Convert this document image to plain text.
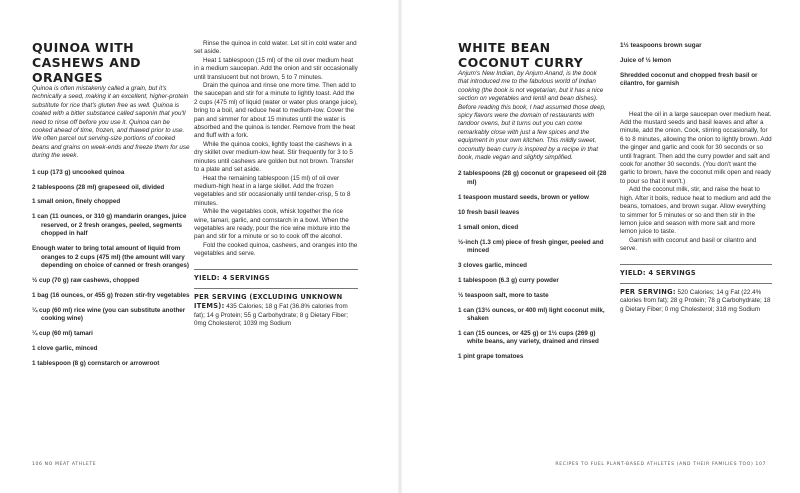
QUINOA WITH CASHEWS AND ORANGES

Quinoa is often mistakenly called a grain, but it's technically a seed, making it an excellent, higher-protein substitute for rice that's gluten free as well. Quinoa is coated with a bitter substance called saponin that you'll need to rinse off before you use it. Quinoa can be cooked ahead of time, frozen, and thawed prior to use. We often parcel out serving-size portions of cooked beans and grains on week-ends and freeze them for use during the week.

1 cup (173 g) uncooked quinoa

2 tablespoons (28 ml) grapeseed oil, divided

1 small onion, finely chopped

1 can (11 ounces, or 310 g) mandarin oranges, juice reserved, or 2 fresh oranges, peeled, segments chopped in half

Enough water to bring total amount of liquid from oranges to 2 cups (475 ml) (the amount will vary depending on choice of canned or fresh oranges)

½ cup (70 g) raw cashews, chopped

1 bag (16 ounces, or 455 g) frozen stir-fry vegetables

¼ cup (60 ml) rice wine (you can substitute another cooking wine)

¼ cup (60 ml) tamari

1 clove garlic, minced

1 tablespoon (8 g) cornstarch or arrowroot

Rinse the quinoa in cold water. Let sit in cold water and set aside.

Heat 1 tablespoon (15 ml) of the oil over medium heat in a medium saucepan. Add the onion and stir occasionally until translucent but not brown, 5 to 7 minutes.

Drain the quinoa and rinse one more time. Then add to the saucepan and stir for a minute to lightly toast. Add the 2 cups (475 ml) of liquid (water or water plus orange juice), bring to a boil, and reduce heat to medium-low. Cover the pan and simmer for about 15 minutes until the water is absorbed and the quinoa is tender. Remove from the heat and fluff with a fork.

While the quinoa cooks, lightly toast the cashews in a dry skillet over medium-low heat. Stir frequently for 3 to 5 minutes until cashews are golden but not brown. Transfer to a plate and set aside.

Heat the remaining tablespoon (15 ml) of oil over medium-high heat in a large skillet. Add the frozen vegetables and stir occasionally until tender-crisp, 5 to 8 minutes.

While the vegetables cook, whisk together the rice wine, tamari, garlic, and cornstarch in a bowl. When the vegetables are ready, pour the rice wine mixture into the pan and stir for a minute or so to cook off the alcohol.

Fold the cooked quinoa, cashews, and oranges into the vegetables and serve.

YIELD: 4 SERVINGS

PER SERVING (EXCLUDING UNKNOWN ITEMS): 435 Calories; 18 g Fat (36.8% calories from fat); 14 g Protein; 55 g Carbohydrate; 8 g Dietary Fiber; 0mg Cholesterol; 1039 mg Sodium

106 NO MEAT ATHLETE

WHITE BEAN COCONUT CURRY

Anjum's New Indian, by Anjum Anand, is the book that introduced me to the fabulous world of Indian cooking (the book is not vegetarian, but it has a nice section on vegetables and lentil and bean dishes). Before reading this book, I had assumed those deep, spicy flavors were the domain of restaurants with tandoor ovens, but it turns out you can come remarkably close with just a few spices and the equipment in your own kitchen. This mildly sweet, coconutty bean curry is inspired by a recipe in that book, made vegan and slightly simplified.

2 tablespoons (28 g) coconut or grapeseed oil (28 ml)

1 teaspoon mustard seeds, brown or yellow

10 fresh basil leaves

1 small onion, diced

½-inch (1.3 cm) piece of fresh ginger, peeled and minced

3 cloves garlic, minced

1 tablespoon (6.3 g) curry powder

½ teaspoon salt, more to taste

1 can (13½ ounces, or 400 ml) light coconut milk, shaken

1 can (15 ounces, or 425 g) or 1½ cups (269 g) white beans, any variety, drained and rinsed

1 pint grape tomatoes

1½ teaspoons brown sugar

Juice of ½ lemon

Shredded coconut and chopped fresh basil or cilantro, for garnish

Heat the oil in a large saucepan over medium heat. Add the mustard seeds and basil leaves and after a minute, add the onion. Cook, stirring occasionally, for 6 to 8 minutes, allowing the onion to lightly brown. Add the ginger and garlic and cook for 30 seconds or so until fragrant. Then add the curry powder and salt and cook for another 30 seconds. (You don't want the garlic to brown, have the coconut milk open and ready to pour so that it won't.)

Add the coconut milk, stir, and raise the heat to high. After it boils, reduce heat to medium and add the beans, tomatoes, and brown sugar. Allow everything to simmer for 5 minutes or so and then stir in the lemon juice and season with more salt and more lemon juice to taste.

Garnish with coconut and basil or cilantro and serve.

YIELD: 4 SERVINGS

PER SERVING: 520 Calories; 14 g Fat (22.4% calories from fat); 28 g Protein; 78 g Carbohydrate; 18 g Dietary Fiber; 0 mg Cholesterol; 318 mg Sodium

RECIPES TO FUEL PLANT-BASED ATHLETES (AND THEIR FAMILIES TOO) 107
